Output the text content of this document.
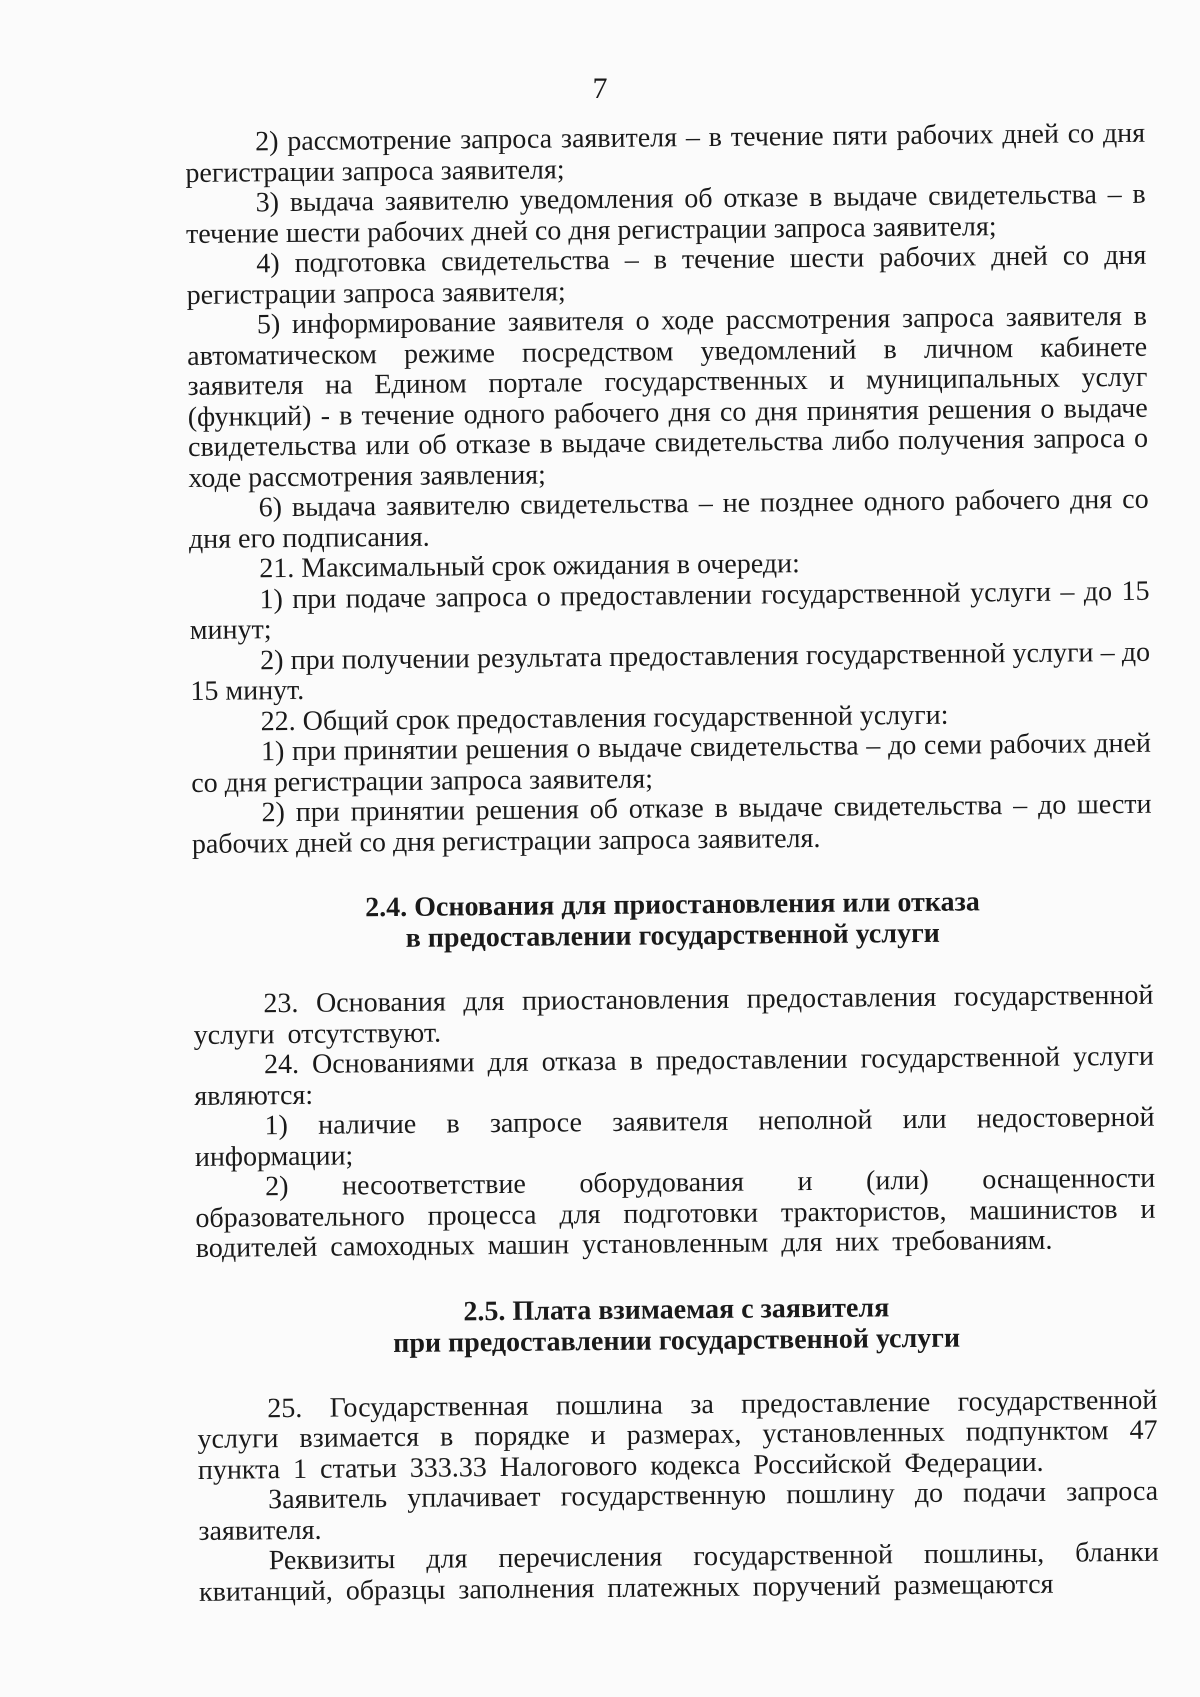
7

2) рассмотрение запроса заявителя – в течение пяти рабочих дней со дня регистрации запроса заявителя;

3) выдача заявителю уведомления об отказе в выдаче свидетельства – в течение шести рабочих дней со дня регистрации запроса заявителя;

4) подготовка свидетельства – в течение шести рабочих дней со дня регистрации запроса заявителя;

5) информирование заявителя о ходе рассмотрения запроса заявителя в автоматическом режиме посредством уведомлений в личном кабинете заявителя на Едином портале государственных и муниципальных услуг (функций) - в течение одного рабочего дня со дня принятия решения о выдаче свидетельства или об отказе в выдаче свидетельства либо получения запроса о ходе рассмотрения заявления;

6) выдача заявителю свидетельства – не позднее одного рабочего дня со дня его подписания.

21. Максимальный срок ожидания в очереди:

1) при подаче запроса о предоставлении государственной услуги – до 15 минут;

2) при получении результата предоставления государственной услуги – до 15 минут.

22. Общий срок предоставления государственной услуги:

1) при принятии решения о выдаче свидетельства – до семи рабочих дней со дня регистрации запроса заявителя;

2) при принятии решения об отказе в выдаче свидетельства – до шести рабочих дней со дня регистрации запроса заявителя.

2.4. Основания для приостановления или отказа
в предоставлении государственной услуги

23. Основания для приостановления предоставления государственной услуги отсутствуют.

24. Основаниями для отказа в предоставлении государственной услуги являются:

1) наличие в запросе заявителя неполной или недостоверной информации;

2) несоответствие оборудования и (или) оснащенности образовательного процесса для подготовки трактористов, машинистов и водителей самоходных машин установленным для них требованиям.

2.5. Плата взимаемая с заявителя
при предоставлении государственной услуги

25. Государственная пошлина за предоставление государственной услуги взимается в порядке и размерах, установленных подпунктом 47 пункта 1 статьи 333.33 Налогового кодекса Российской Федерации.

Заявитель уплачивает государственную пошлину до подачи запроса заявителя.

Реквизиты для перечисления государственной пошлины, бланки квитанций, образцы заполнения платежных поручений размещаются
